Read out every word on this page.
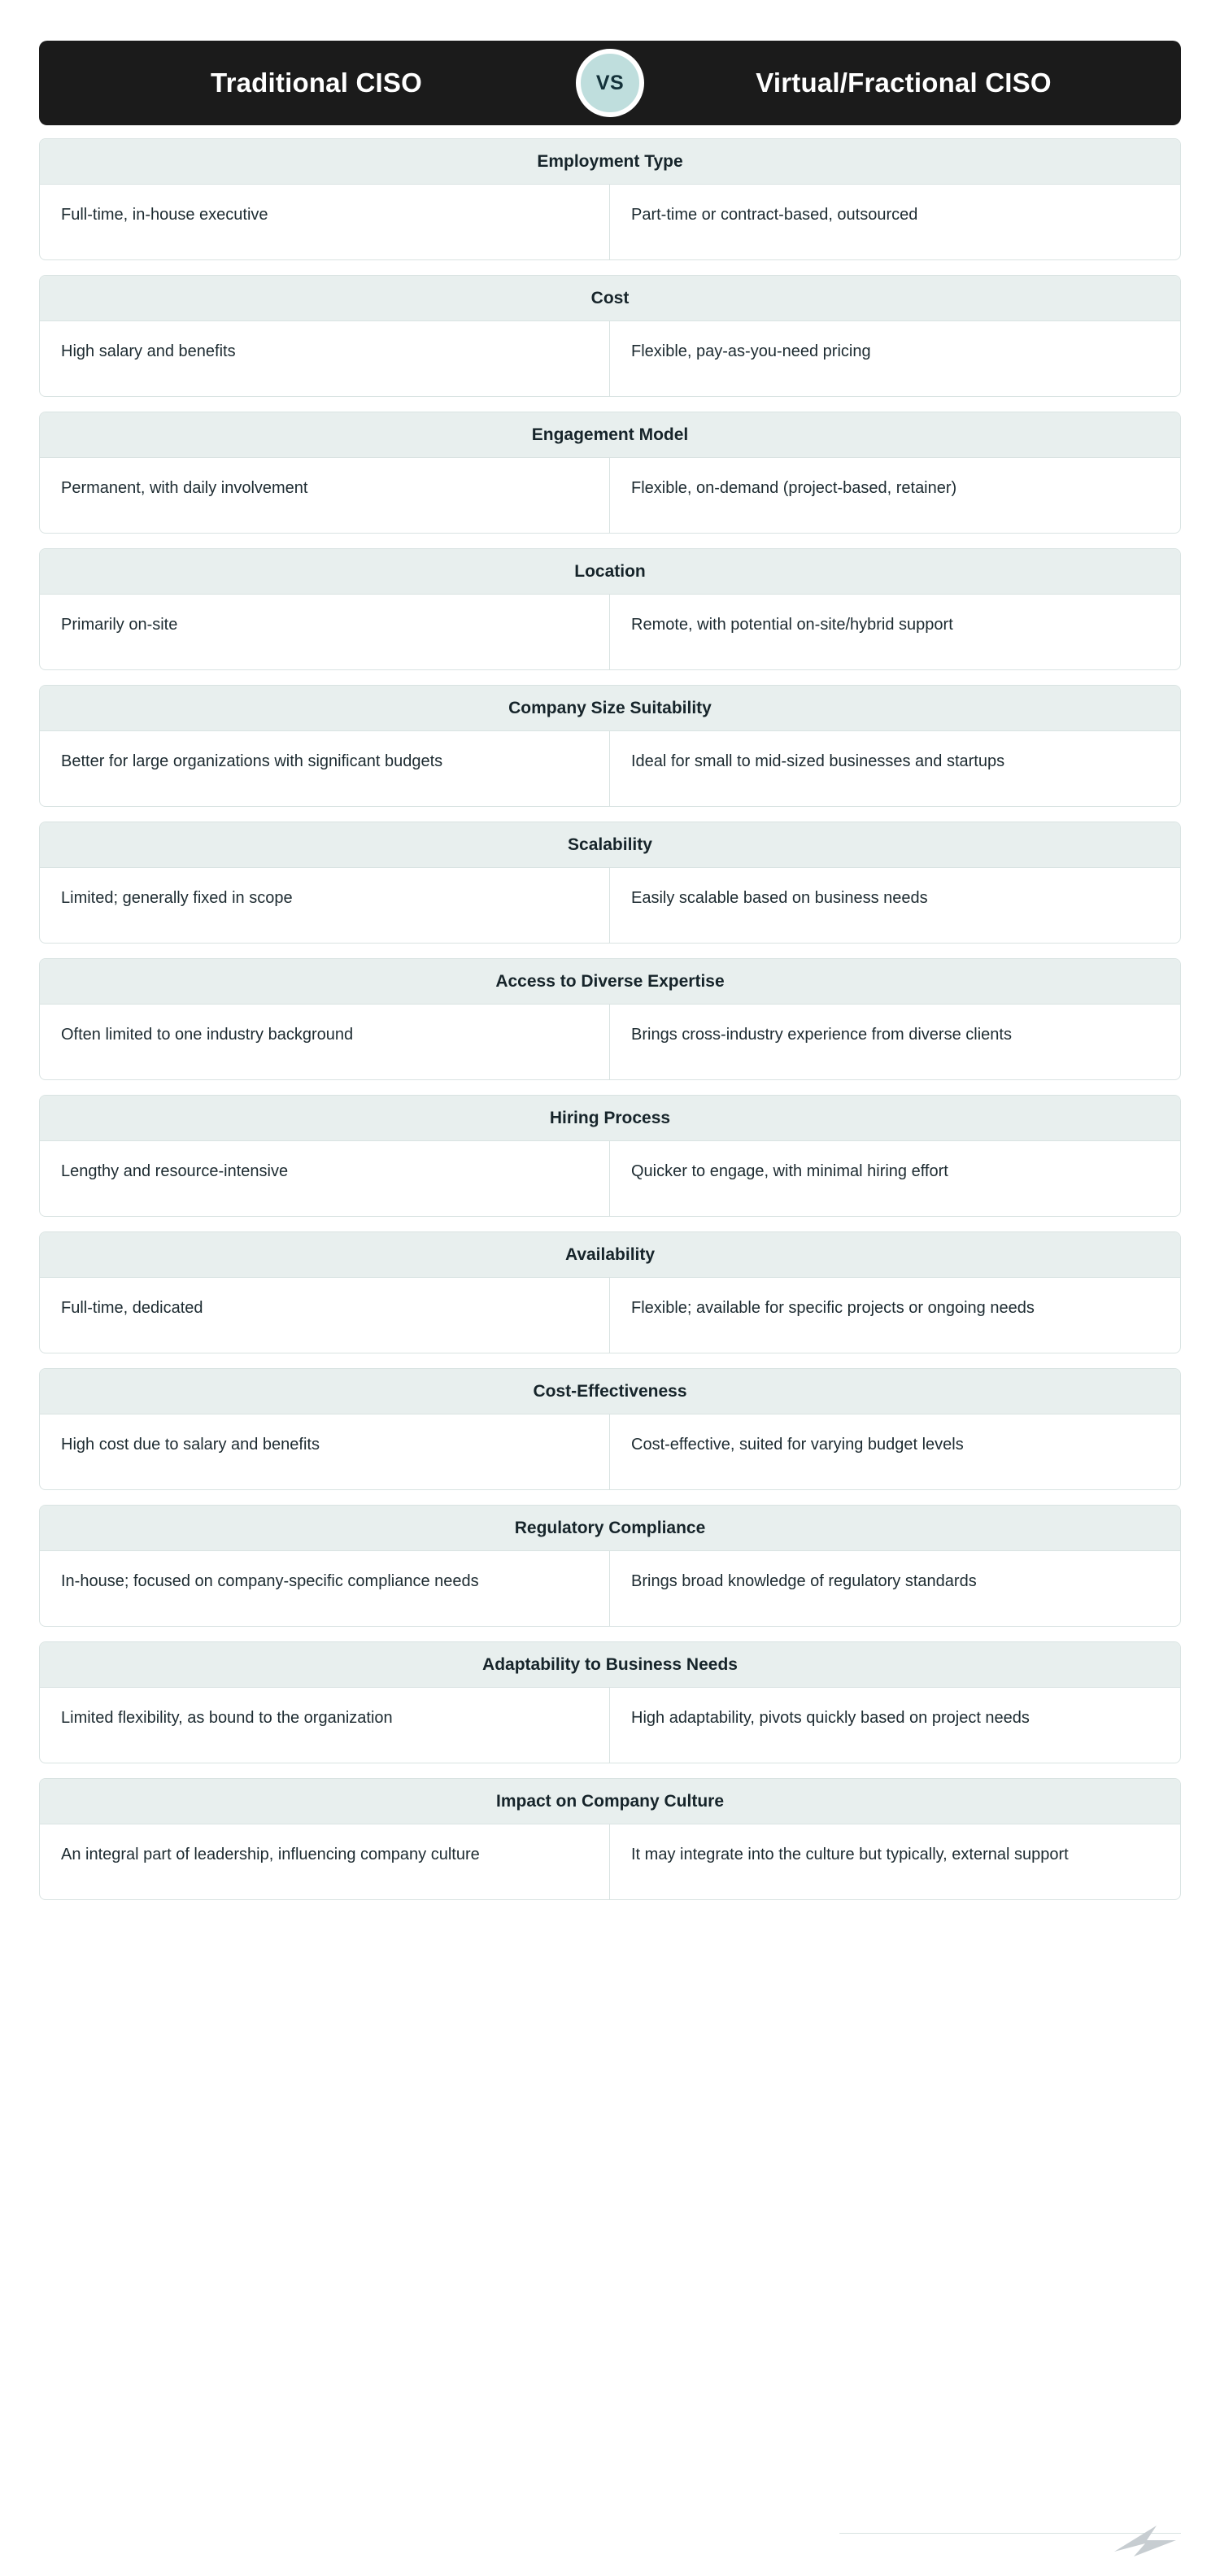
Traditional CISO	VS	Virtual/Fractional CISO
Employment Type
Full-time, in-house executive	Part-time or contract-based, outsourced
Cost
High salary and benefits	Flexible, pay-as-you-need pricing
Engagement Model
Permanent, with daily involvement	Flexible, on-demand (project-based, retainer)
Location
Primarily on-site	Remote, with potential on-site/hybrid support
Company Size Suitability
Better for large organizations with significant budgets	Ideal for small to mid-sized businesses and startups
Scalability
Limited; generally fixed in scope	Easily scalable based on business needs
Access to Diverse Expertise
Often limited to one industry background	Brings cross-industry experience from diverse clients
Hiring Process
Lengthy and resource-intensive	Quicker to engage, with minimal hiring effort
Availability
Full-time, dedicated	Flexible; available for specific projects or ongoing needs
Cost-Effectiveness
High cost due to salary and benefits	Cost-effective, suited for varying budget levels
Regulatory Compliance
In-house; focused on company-specific compliance needs	Brings broad knowledge of regulatory standards
Adaptability to Business Needs
Limited flexibility, as bound to the organization	High adaptability, pivots quickly based on project needs
Impact on Company Culture
An integral part of leadership, influencing company culture	It may integrate into the culture but typically, external support
